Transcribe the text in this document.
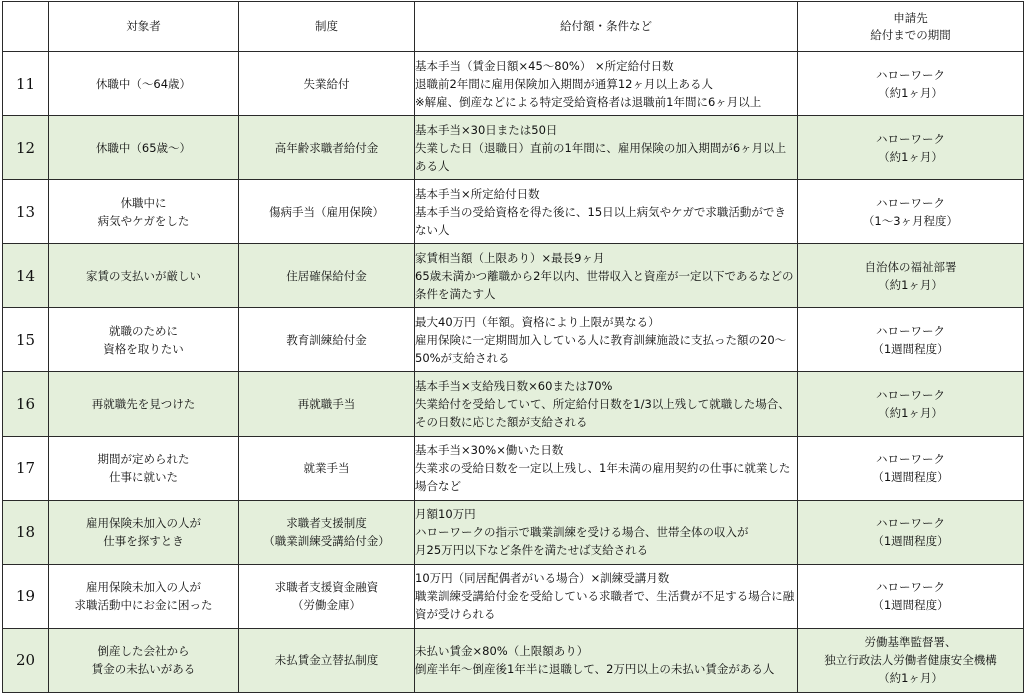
	対象者	制度	給付額・条件など	申請先
給付までの期間

11	休職中（～64歳）	失業給付	基本手当（賃金日額×45～80%） ×所定給付日数
退職前2年間に雇用保険加入期間が通算12ヶ月以上ある人
※解雇、倒産などによる特定受給資格者は退職前1年間に6ヶ月以上	ハローワーク
（約1ヶ月）

12	休職中（65歳～）	高年齢求職者給付金	基本手当×30日または50日
失業した日（退職日）直前の1年間に、雇用保険の加入期間が6ヶ月以上ある人	ハローワーク
（約1ヶ月）

13	休職中に
病気やケガをした	傷病手当（雇用保険）	基本手当×所定給付日数
基本手当の受給資格を得た後に、15日以上病気やケガで求職活動ができない人	ハローワーク
（1～3ヶ月程度）

14	家賃の支払いが厳しい	住居確保給付金	家賃相当額（上限あり）×最長9ヶ月
65歳未満かつ離職から2年以内、世帯収入と資産が一定以下であるなどの条件を満たす人	自治体の福祉部署
（約1ヶ月）

15	就職のために
資格を取りたい	教育訓練給付金	最大40万円（年額。資格により上限が異なる）
雇用保険に一定期間加入している人に教育訓練施設に支払った額の20～50%が支給される	ハローワーク
（1週間程度）

16	再就職先を見つけた	再就職手当	基本手当×支給残日数×60または70%
失業給付を受給していて、所定給付日数を1/3以上残して就職した場合、その日数に応じた額が支給される	ハローワーク
（約1ヶ月）

17	期間が定められた
仕事に就いた	就業手当	基本手当×30%×働いた日数
失業求の受給日数を一定以上残し、1年未満の雇用契約の仕事に就業した場合など	ハローワーク
（1週間程度）

18	雇用保険未加入の人が
仕事を探すとき	求職者支援制度
（職業訓練受講給付金）	月額10万円
ハローワークの指示で職業訓練を受ける場合、世帯全体の収入が
月25万円以下など条件を満たせば支給される	ハローワーク
（1週間程度）

19	雇用保険未加入の人が
求職活動中にお金に困った	求職者支援資金融資
（労働金庫）	10万円（同居配偶者がいる場合）×訓練受講月数
職業訓練受講給付金を受給している求職者で、生活費が不足する場合に融資が受けられる	ハローワーク
（1週間程度）

20	倒産した会社から
賃金の未払いがある	未払賃金立替払制度	未払い賃金×80%（上限額あり）
倒産半年～倒産後1年半に退職して、2万円以上の未払い賃金がある人	労働基準監督署、
独立行政法人労働者健康安全機構
（約1ヶ月）
